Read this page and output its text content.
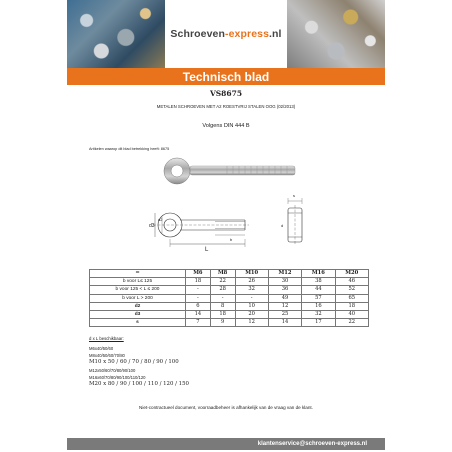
Schroeven-express.nl
Technisch blad
VS8675
METALEN SCHROEVEN MET A2 ROESTVRIJ STALEN OOG (02/2013)
Volgens DIN 444 B
Artikelen waarop dit blad betrekking heeft: 8675
d3
d2
b
L
s
d
=	M6	M8	M10	M12	M16	M20
b voor L≤ 125	18	22	26	30	38	46
b voor 125 < L ≤ 200	-	28	32	36	44	52
b voor L > 200	-	-	-	49	57	65
d2	6	8	10	12	16	18
d3	14	18	20	25	32	40
s	7	9	12	14	17	22
d x L beschikbaar:
M6x40/50/60
M8x40/50/60/70/80
M10 x 50 / 60 / 70 / 80 / 90 / 100
M12x50/60/70/80/90/100
M16x60/70/80/90/100/110/120
M20 x 80 / 90 / 100 / 110 / 120 / 150
Niet-contractueel document, voorraadbeheer is afhankelijk van de vraag van de klant.
klantenservice@schroeven-express.nl
